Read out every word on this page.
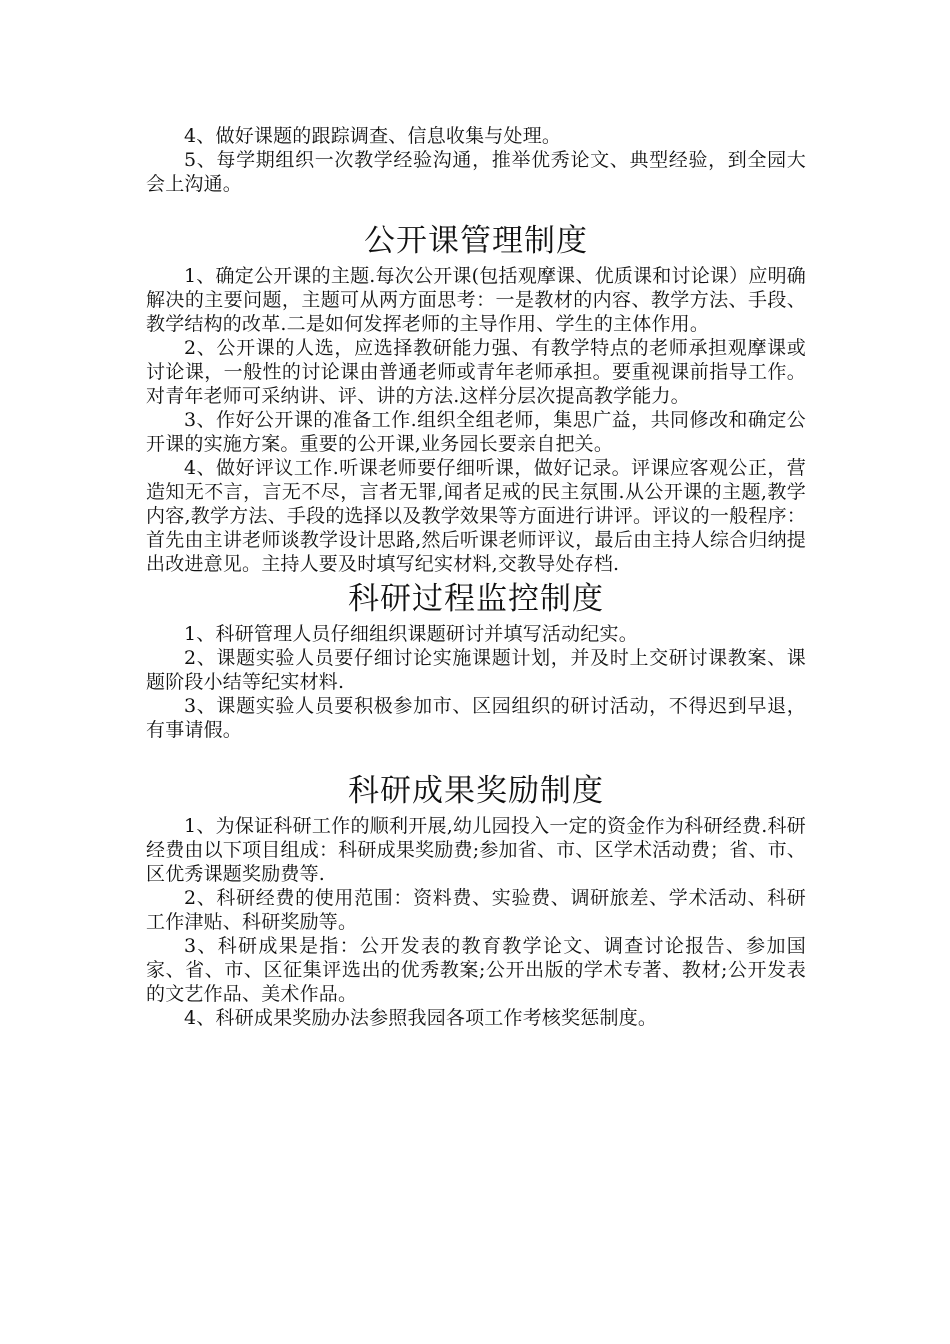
4、做好课题的跟踪调查、信息收集与处理。

5、每学期组织一次教学经验沟通，推举优秀论文、典型经验，到全园大会上沟通。

公开课管理制度

1、确定公开课的主题.每次公开课(包括观摩课、优质课和讨论课）应明确解决的主要问题，主题可从两方面思考：一是教材的内容、教学方法、手段、教学结构的改革.二是如何发挥老师的主导作用、学生的主体作用。

2、公开课的人选，应选择教研能力强、有教学特点的老师承担观摩课或讨论课，一般性的讨论课由普通老师或青年老师承担。要重视课前指导工作。对青年老师可采纳讲、评、讲的方法.这样分层次提高教学能力。

3、作好公开课的准备工作.组织全组老师，集思广益，共同修改和确定公开课的实施方案。重要的公开课,业务园长要亲自把关。

4、做好评议工作.听课老师要仔细听课，做好记录。评课应客观公正，营造知无不言，言无不尽，言者无罪,闻者足戒的民主氛围.从公开课的主题,教学内容,教学方法、手段的选择以及教学效果等方面进行讲评。评议的一般程序：首先由主讲老师谈教学设计思路,然后听课老师评议，最后由主持人综合归纳提出改进意见。主持人要及时填写纪实材料,交教导处存档.

科研过程监控制度

1、科研管理人员仔细组织课题研讨并填写活动纪实。

2、课题实验人员要仔细讨论实施课题计划，并及时上交研讨课教案、课题阶段小结等纪实材料.

3、课题实验人员要积极参加市、区园组织的研讨活动，不得迟到早退，有事请假。

科研成果奖励制度

1、为保证科研工作的顺利开展,幼儿园投入一定的资金作为科研经费.科研经费由以下项目组成：科研成果奖励费;参加省、市、区学术活动费；省、市、区优秀课题奖励费等.

2、科研经费的使用范围：资料费、实验费、调研旅差、学术活动、科研工作津贴、科研奖励等。

3、科研成果是指：公开发表的教育教学论文、调查讨论报告、参加国家、省、市、区征集评选出的优秀教案;公开出版的学术专著、教材;公开发表的文艺作品、美术作品。

4、科研成果奖励办法参照我园各项工作考核奖惩制度。
